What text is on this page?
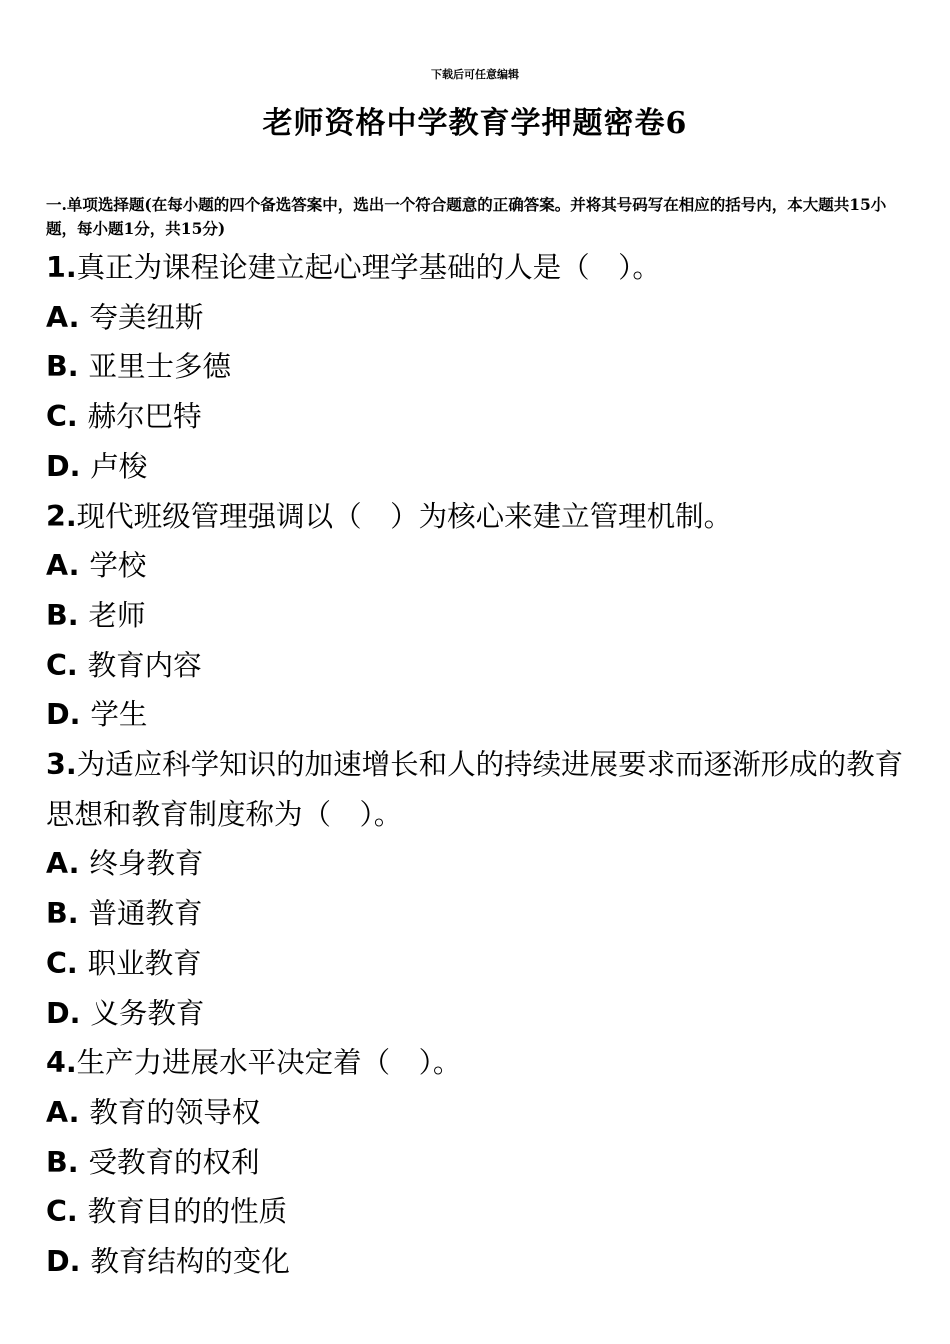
下载后可任意编辑
老师资格中学教育学押题密卷6
一.单项选择题(在每小题的四个备选答案中，选出一个符合题意的正确答案。并将其号码写在相应的括号内，本大题共15小题，每小题1分，共15分)
1.真正为课程论建立起心理学基础的人是（　）。
A. 夸美纽斯
B. 亚里士多德
C. 赫尔巴特
D. 卢梭
2.现代班级管理强调以（　）为核心来建立管理机制。
A. 学校
B. 老师
C. 教育内容
D. 学生
3.为适应科学知识的加速增长和人的持续进展要求而逐渐形成的教育思想和教育制度称为（　）。
A. 终身教育
B. 普通教育
C. 职业教育
D. 义务教育
4.生产力进展水平决定着（　）。
A. 教育的领导权
B. 受教育的权利
C. 教育目的的性质
D. 教育结构的变化
